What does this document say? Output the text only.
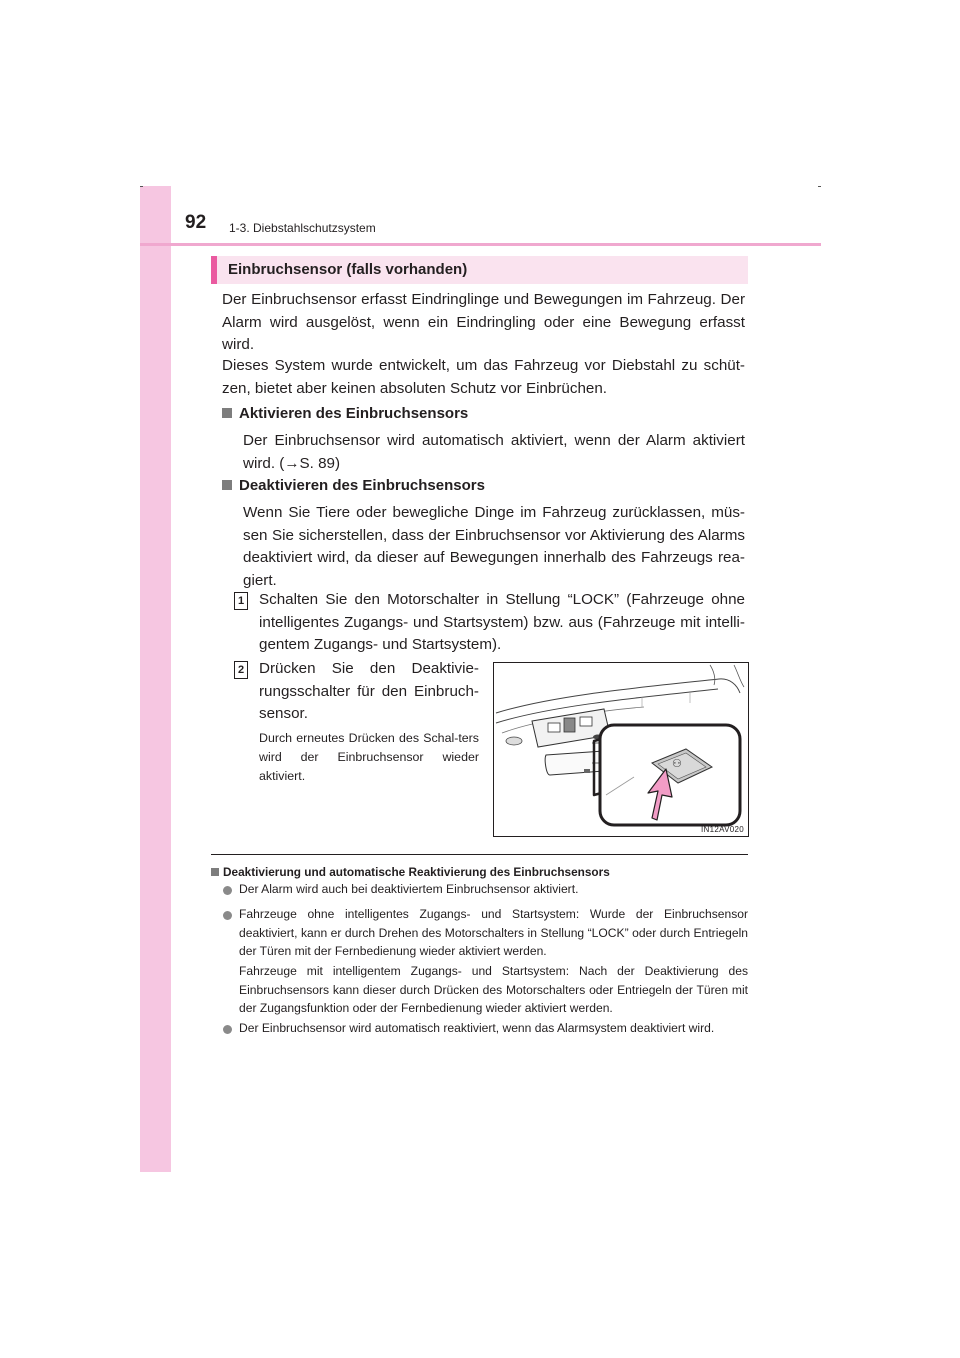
92 1-3. Diebstahlschutzsystem
Einbruchsensor (falls vorhanden)
Der Einbruchsensor erfasst Eindringlinge und Bewegungen im Fahrzeug. Der Alarm wird ausgelöst, wenn ein Eindringling oder eine Bewegung erfasst wird.
Dieses System wurde entwickelt, um das Fahrzeug vor Diebstahl zu schüt-zen, bietet aber keinen absoluten Schutz vor Einbrüchen.
Aktivieren des Einbruchsensors
Der Einbruchsensor wird automatisch aktiviert, wenn der Alarm aktiviert wird. (→S. 89)
Deaktivieren des Einbruchsensors
Wenn Sie Tiere oder bewegliche Dinge im Fahrzeug zurücklassen, müs-sen Sie sicherstellen, dass der Einbruchsensor vor Aktivierung des Alarms deaktiviert wird, da dieser auf Bewegungen innerhalb des Fahrzeugs rea-giert.
1 Schalten Sie den Motorschalter in Stellung “LOCK” (Fahrzeuge ohne intelligentes Zugangs- und Startsystem) bzw. aus (Fahrzeuge mit intelli-gentem Zugangs- und Startsystem).
2 Drücken Sie den Deaktivie-rungsschalter für den Einbruch-sensor.
Durch erneutes Drücken des Schal-ters wird der Einbruchsensor wieder aktiviert.
⚇
IN12AV020
Deaktivierung und automatische Reaktivierung des Einbruchsensors
Der Alarm wird auch bei deaktiviertem Einbruchsensor aktiviert.
Fahrzeuge ohne intelligentes Zugangs- und Startsystem: Wurde der Einbruchsensor deaktiviert, kann er durch Drehen des Motorschalters in Stellung “LOCK” oder durch Entriegeln der Türen mit der Fernbedienung wieder aktiviert werden.
Fahrzeuge mit intelligentem Zugangs- und Startsystem: Nach der Deaktivierung des Einbruchsensors kann dieser durch Drücken des Motorschalters oder Entriegeln der Türen mit der Zugangsfunktion oder der Fernbedienung wieder aktiviert werden.
Der Einbruchsensor wird automatisch reaktiviert, wenn das Alarmsystem deaktiviert wird.
